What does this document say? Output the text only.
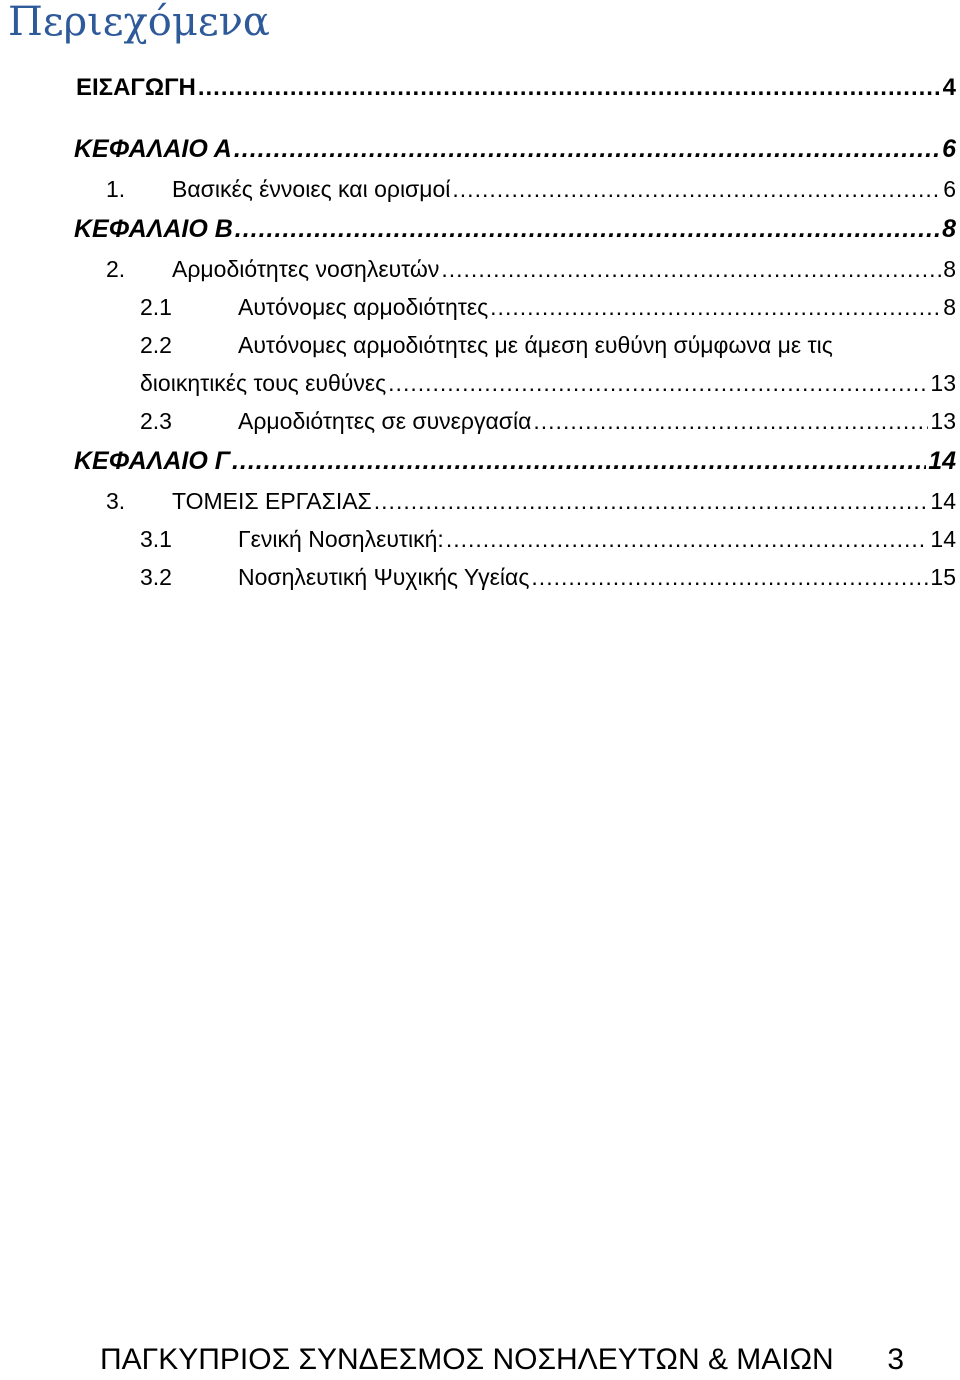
Περιεχόμενα
ΕΙΣΑΓΩΓΗ .....	4
ΚΕΦΑΛΑΙΟ Α .....	6
1. Βασικές έννοιες και ορισμοί .....	6
ΚΕΦΑΛΑΙΟ Β .....	8
2. Αρμοδιότητες νοσηλευτών .....	8
2.1	Αυτόνομες αρμοδιότητες .....	8
2.2	Αυτόνομες αρμοδιότητες με άμεση ευθύνη σύμφωνα με τις
διοικητικές τους ευθύνες .....	13
2.3	Αρμοδιότητες σε συνεργασία .....	13
ΚΕΦΑΛΑΙΟ Γ .....	14
3. ΤΟΜΕΙΣ ΕΡΓΑΣΙΑΣ .....	14
3.1	Γενική Νοσηλευτική: .....	14
3.2	Νοσηλευτική Ψυχικής Υγείας .....	15
ΠΑΓΚΥΠΡΙΟΣ ΣΥΝΔΕΣΜΟΣ ΝΟΣΗΛΕΥΤΩΝ & ΜΑΙΩΝ 3
